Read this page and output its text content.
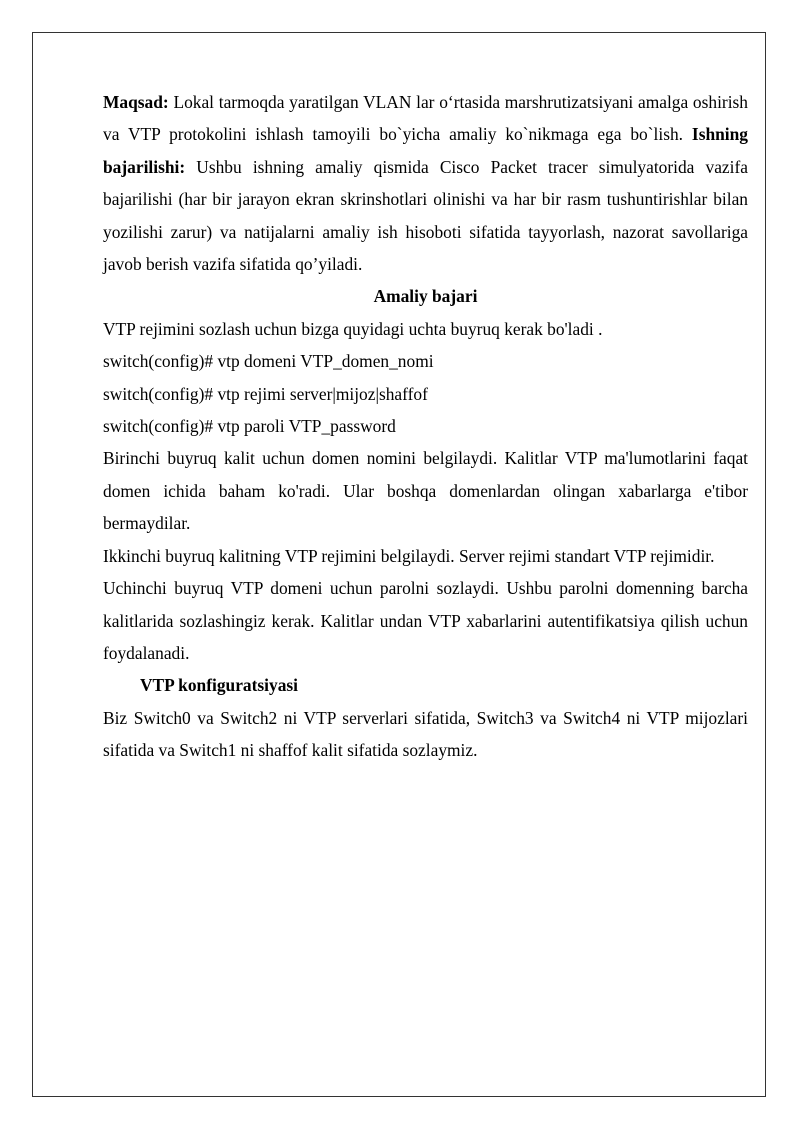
Maqsad: Lokal tarmoqda yaratilgan VLAN lar oʻrtasida marshrutizatsiyani amalga oshirish va VTP protokolini ishlash tamoyili bo`yicha amaliy ko`nikmaga ega bo`lish. Ishning bajarilishi: Ushbu ishning amaliy qismida Cisco Packet tracer simulyatorida vazifa bajarilishi (har bir jarayon ekran skrinshotlari olinishi va har bir rasm tushuntirishlar bilan yozilishi zarur) va natijalarni amaliy ish hisoboti sifatida tayyorlash, nazorat savollariga javob berish vazifa sifatida qo’yiladi.

Amaliy bajari

VTP rejimini sozlash uchun bizga quyidagi uchta buyruq kerak bo'ladi .

switch(config)# vtp domeni VTP_domen_nomi

switch(config)# vtp rejimi server|mijoz|shaffof

switch(config)# vtp paroli VTP_password

Birinchi buyruq kalit uchun domen nomini belgilaydi. Kalitlar VTP ma'lumotlarini faqat domen ichida baham ko'radi. Ular boshqa domenlardan olingan xabarlarga e'tibor bermaydilar.

Ikkinchi buyruq kalitning VTP rejimini belgilaydi. Server rejimi standart VTP rejimidir.

Uchinchi buyruq VTP domeni uchun parolni sozlaydi. Ushbu parolni domenning barcha kalitlarida sozlashingiz kerak. Kalitlar undan VTP xabarlarini autentifikatsiya qilish uchun foydalanadi.

VTP konfiguratsiyasi

Biz Switch0 va Switch2 ni VTP serverlari sifatida, Switch3 va Switch4 ni VTP mijozlari sifatida va Switch1 ni shaffof kalit sifatida sozlaymiz.
